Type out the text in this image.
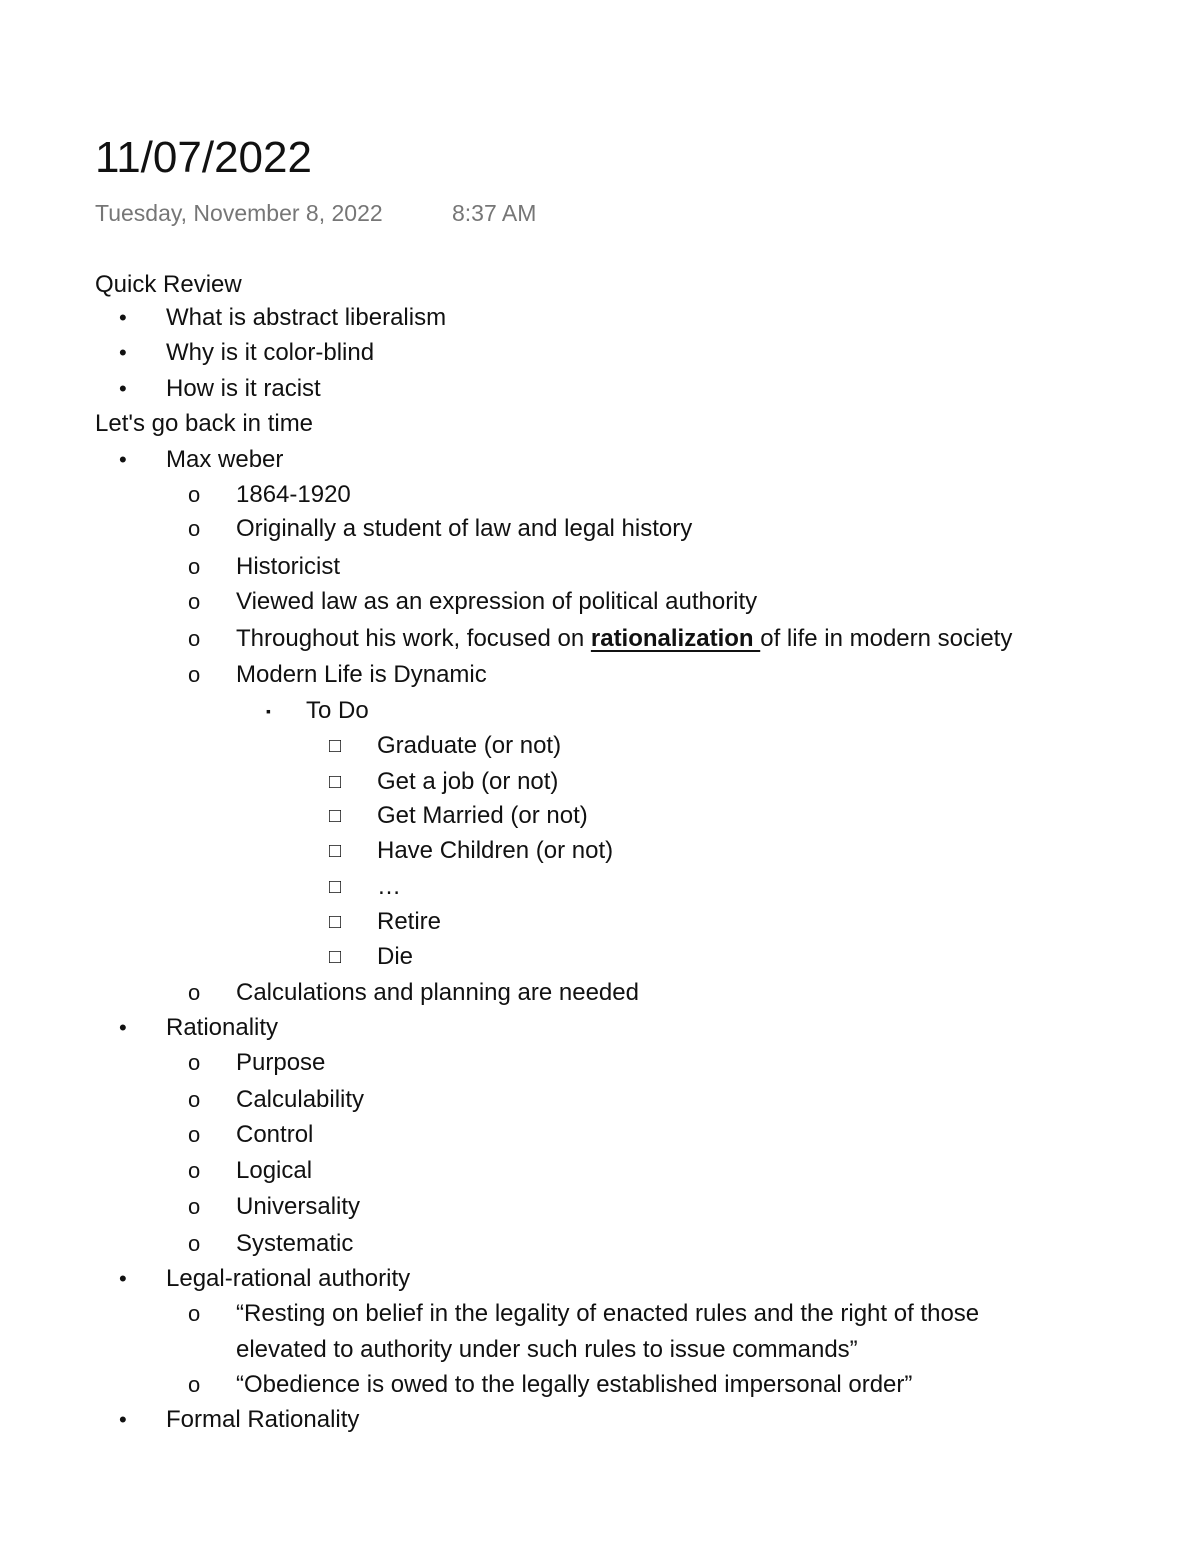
11/07/2022
Tuesday, November 8, 2022	8:37 AM
Quick Review
• What is abstract liberalism
• Why is it color-blind
• How is it racist
Let's go back in time
• Max weber
o 1864-1920
o Originally a student of law and legal history
o Historicist
o Viewed law as an expression of political authority
o Throughout his work, focused on rationalization of life in modern society
o Modern Life is Dynamic
▪ To Do
□ Graduate (or not)
□ Get a job (or not)
□ Get Married (or not)
□ Have Children (or not)
□ …
□ Retire
□ Die
o Calculations and planning are needed
• Rationality
o Purpose
o Calculability
o Control
o Logical
o Universality
o Systematic
• Legal-rational authority
o “Resting on belief in the legality of enacted rules and the right of those
elevated to authority under such rules to issue commands”
o “Obedience is owed to the legally established impersonal order”
• Formal Rationality
